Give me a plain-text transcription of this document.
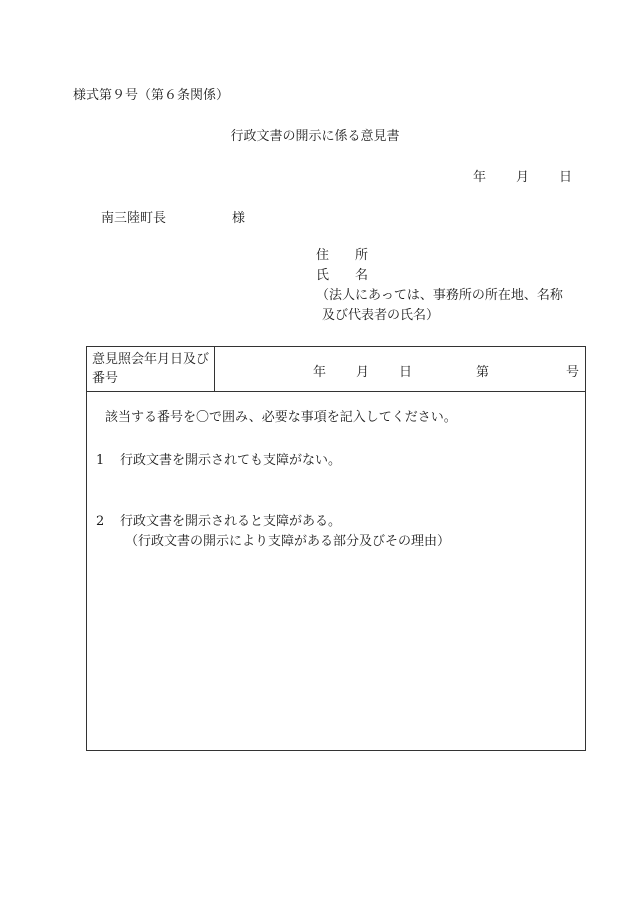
様式第９号（第６条関係）
行政文書の開示に係る意見書
年 月 日
南三陸町長	様
住 所
氏 名
（法人にあっては、事務所の所在地、名称
及び代表者の氏名）
意見照会年月日及び番号	年 月 日	第	号
該当する番号を〇で囲み、必要な事項を記入してください。
1 行政文書を開示されても支障がない。
2 行政文書を開示されると支障がある。
（行政文書の開示により支障がある部分及びその理由）
